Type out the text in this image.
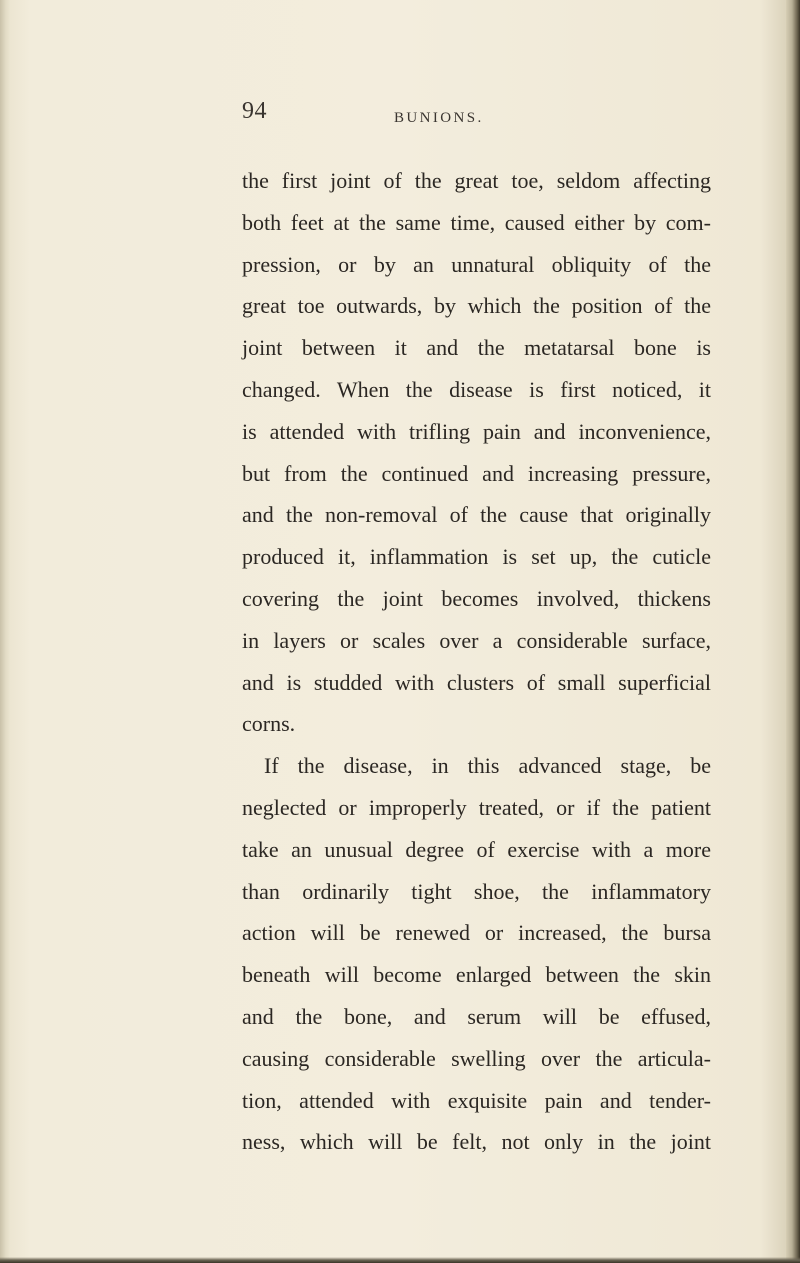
94	BUNIONS.
the first joint of the great toe, seldom affecting
both feet at the same time, caused either by com-
pression, or by an unnatural obliquity of the
great toe outwards, by which the position of the
joint between it and the metatarsal bone is
changed. When the disease is first noticed, it
is attended with trifling pain and inconvenience,
but from the continued and increasing pressure,
and the non-removal of the cause that originally
produced it, inflammation is set up, the cuticle
covering the joint becomes involved, thickens
in layers or scales over a considerable surface,
and is studded with clusters of small superficial
corns.
If the disease, in this advanced stage, be
neglected or improperly treated, or if the patient
take an unusual degree of exercise with a more
than ordinarily tight shoe, the inflammatory
action will be renewed or increased, the bursa
beneath will become enlarged between the skin
and the bone, and serum will be effused,
causing considerable swelling over the articula-
tion, attended with exquisite pain and tender-
ness, which will be felt, not only in the joint
